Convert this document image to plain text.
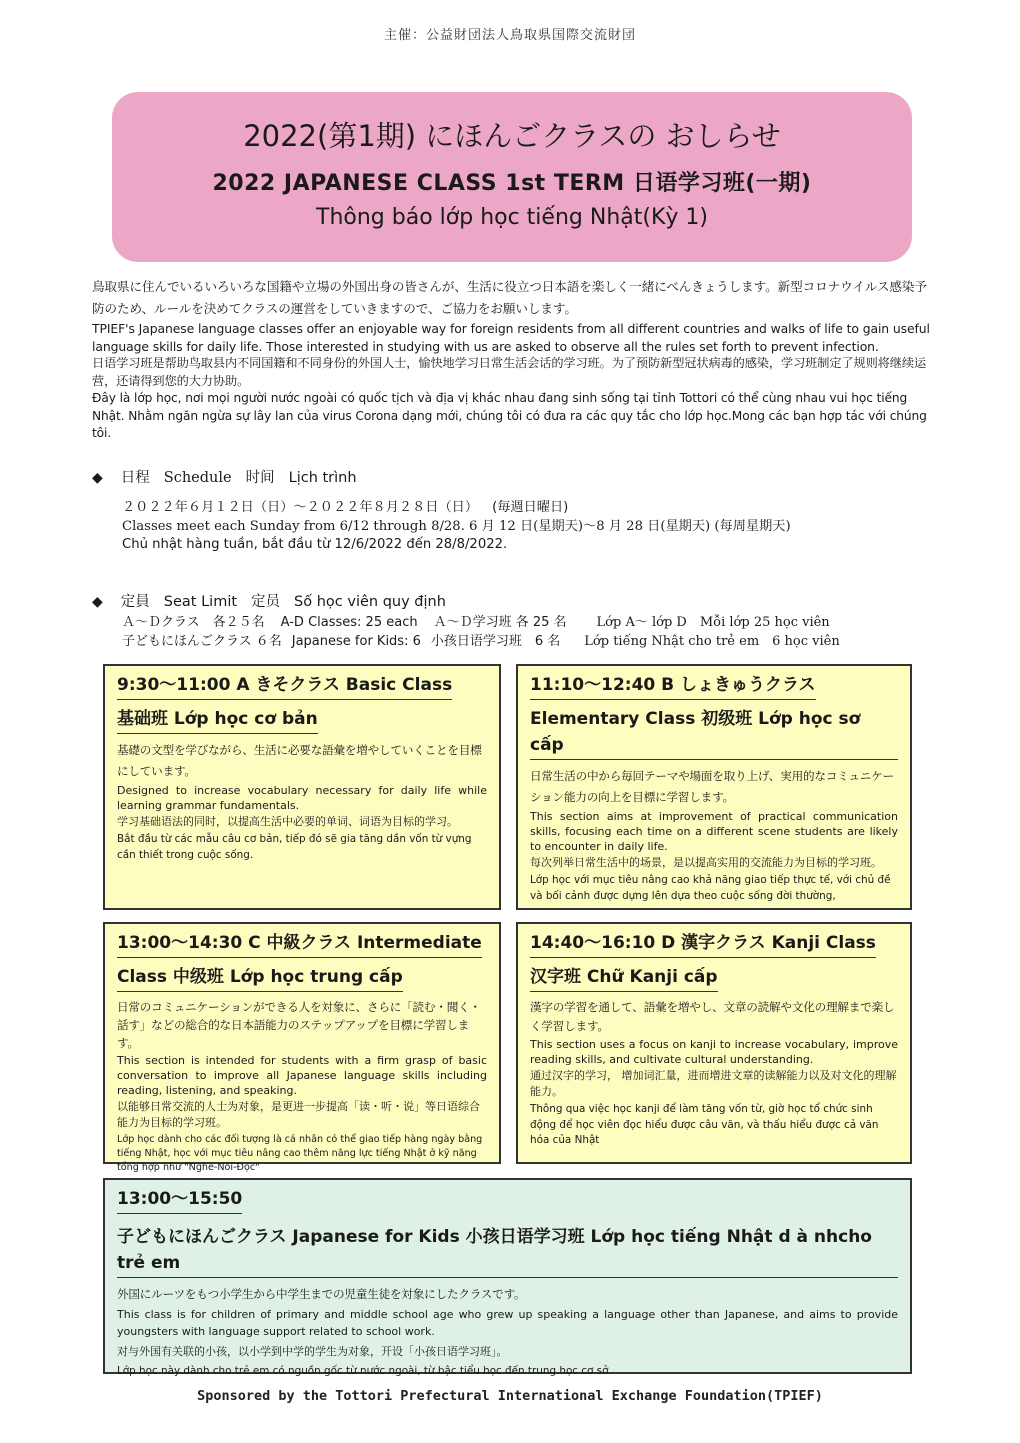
主催：公益財団法人鳥取県国際交流財団
2022(第1期) にほんごクラスの おしらせ
2022 JAPANESE CLASS 1st TERM 日语学习班(一期)
Thông báo lớp học tiếng Nhật(Kỳ 1)

鳥取県に住んでいるいろいろな国籍や立場の外国出身の皆さんが、生活に役立つ日本語を楽しく一緒にべんきょうします。新型コロナウイルス感染予防のため、ルールを決めてクラスの運営をしていきますので、ご協力をお願いします。

TPIEF's Japanese language classes offer an enjoyable way for foreign residents from all different countries and walks of life to gain useful language skills for daily life. Those interested in studying with us are asked to observe all the rules set forth to prevent infection.

日语学习班是帮助鸟取县内不同国籍和不同身份的外国人士，愉快地学习日常生活会话的学习班。为了预防新型冠状病毒的感染，学习班制定了规则将继续运营，还请得到您的大力协助。

Đây là lớp học, nơi mọi người nước ngoài có quốc tịch và địa vị khác nhau đang sinh sống tại tỉnh Tottori có thể cùng nhau vui học tiếng Nhật. Nhằm ngăn ngừa sự lây lan của virus Corona dạng mới, chúng tôi có đưa ra các quy tắc cho lớp học.Mong các bạn hợp tác với chúng tôi.

◆ 日程 Schedule 时间 Lịch trình
２０２２年６月１２日（日）～２０２２年８月２８日（日） (毎週日曜日)
Classes meet each Sunday from 6/12 through 8/28. 6 月 12 日(星期天)～8 月 28 日(星期天) (每周星期天)
Chủ nhật hàng tuần, bắt đầu từ 12/6/2022 đến 28/8/2022.
◆ 定員 Seat Limit 定员 Số học viên quy định
Ａ～Ｄクラス　各２５名 A-D Classes: 25 each Ａ～Ｄ学习班 各 25 名 Lớp A～ lớp D　Mỗi lớp 25 học viên
子どもにほんごクラス ６名 Japanese for Kids: 6 小孩日语学习班　6 名 Lớp tiếng Nhật cho trẻ em　6 học viên
9:30～11:00 A きそクラス Basic Class
基础班 Lớp học cơ bản
基礎の文型を学びながら、生活に必要な語彙を増やしていくことを目標にしています。
Designed to increase vocabulary necessary for daily life while learning grammar fundamentals.
学习基础语法的同时，以提高生活中必要的单词、词语为目标的学习。
Bắt đầu từ các mẫu câu cơ bản, tiếp đó sẽ gia tăng dần vốn từ vựng cần thiết trong cuộc sống.
11:10～12:40 B しょきゅうクラス
Elementary Class 初级班 Lớp học sơ cấp
日常生活の中から毎回テーマや場面を取り上げ、実用的なコミュニケーション能力の向上を目標に学習します。
This section aims at improvement of practical communication skills, focusing each time on a different scene students are likely to encounter in daily life.
每次列举日常生活中的场景，是以提高实用的交流能力为目标的学习班。
Lớp học với mục tiêu nâng cao khả năng giao tiếp thực tế, với chủ đề và bối cảnh được dựng lên dựa theo cuộc sống đời thường,
13:00～14:30 C 中級クラス Intermediate
Class 中级班 Lớp học trung cấp
日常のコミュニケーションができる人を対象に、さらに「読む・聞く・話す」などの総合的な日本語能力のステップアップを目標に学習します。
This section is intended for students with a firm grasp of basic conversation to improve all Japanese language skills including reading, listening, and speaking.
以能够日常交流的人士为对象，是更进一步提高「读・听・说」等日语综合能力为目标的学习班。
Lớp học dành cho các đối tượng là cá nhân có thể giao tiếp hàng ngày bằng tiếng Nhật, học với mục tiêu nâng cao thêm năng lực tiếng Nhật ở kỹ năng tổng hợp như "Nghe-Nói-Đọc"
14:40～16:10 D 漢字クラス Kanji Class
汉字班 Chữ Kanji cấp
漢字の学習を通して、語彙を増やし、文章の読解や文化の理解まで楽しく学習します。
This section uses a focus on kanji to increase vocabulary, improve reading skills, and cultivate cultural understanding.
通过汉字的学习， 增加词汇量，进而增进文章的读解能力以及对文化的理解能力。
Thông qua việc học kanji để làm tăng vốn từ, giờ học tổ chức sinh động để học viên đọc hiểu được câu văn, và thấu hiểu được cả văn hóa của Nhật
13:00～15:50
子どもにほんごクラス Japanese for Kids 小孩日语学习班 Lớp học tiếng Nhật d à nhcho trẻ em
外国にルーツをもつ小学生から中学生までの児童生徒を対象にしたクラスです。
This class is for children of primary and middle school age who grew up speaking a language other than Japanese, and aims to provide youngsters with language support related to school work.
对与外国有关联的小孩，以小学到中学的学生为对象，开设「小孩日语学习班」。
Lớp học này dành cho trẻ em có nguồn gốc từ nước ngoài, từ bậc tiểu học đến trung học cơ sở
Sponsored by the Tottori Prefectural International Exchange Foundation(TPIEF)
